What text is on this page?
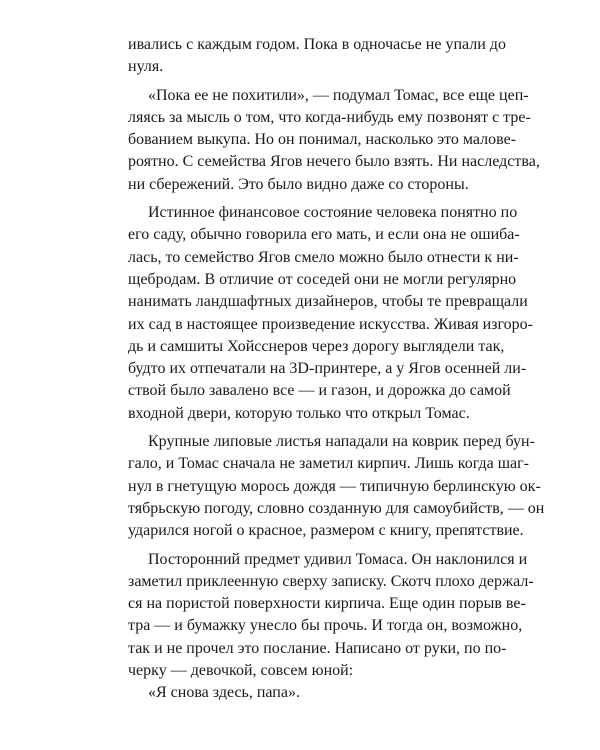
ивались с каждым годом. Пока в одночасье не упали до
нуля.
«Пока ее не похитили», — подумал Томас, все еще цеп-
ляясь за мысль о том, что когда-нибудь ему позвонят с тре-
бованием выкупа. Но он понимал, насколько это малове-
роятно. С семейства Ягов нечего было взять. Ни наследства,
ни сбережений. Это было видно даже со стороны.
Истинное финансовое состояние человека понятно по
его саду, обычно говорила его мать, и если она не ошиба-
лась, то семейство Ягов смело можно было отнести к ни-
щебродам. В отличие от соседей они не могли регулярно
нанимать ландшафтных дизайнеров, чтобы те превращали
их сад в настоящее произведение искусства. Живая изгоро-
дь и самшиты Хойсснеров через дорогу выглядели так,
будто их отпечатали на 3D-принтере, а у Ягов осенней ли-
ствой было завалено все — и газон, и дорожка до самой
входной двери, которую только что открыл Томас.
Крупные липовые листья нападали на коврик перед бун-
гало, и Томас сначала не заметил кирпич. Лишь когда шаг-
нул в гнетущую морось дождя — типичную берлинскую ок-
тябрьскую погоду, словно созданную для самоубийств, — он
ударился ногой о красное, размером с книгу, препятствие.
Посторонний предмет удивил Томаса. Он наклонился и
заметил приклеенную сверху записку. Скотч плохо держал-
ся на пористой поверхности кирпича. Еще один порыв ве-
тра — и бумажку унесло бы прочь. И тогда он, возможно,
так и не прочел это послание. Написано от руки, по по-
черку — девочкой, совсем юной:
«Я снова здесь, папа».
